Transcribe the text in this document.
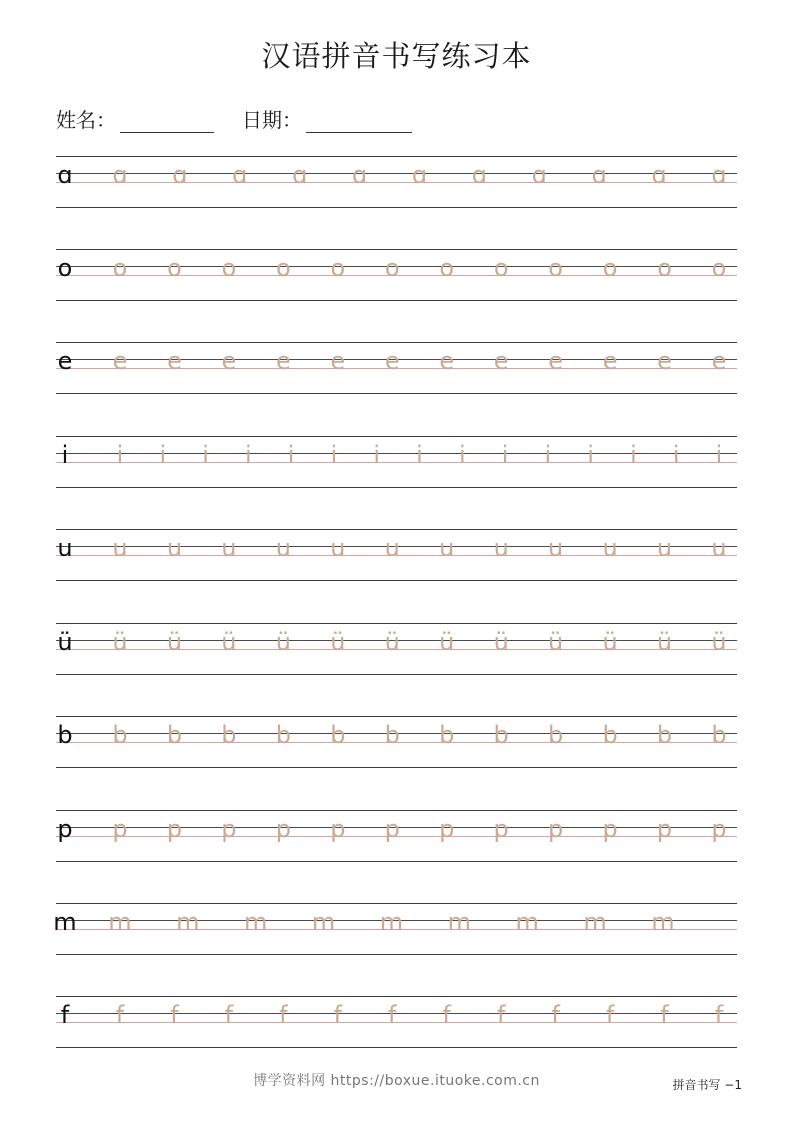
汉语拼音书写练习本
姓名：	日期：
ɑ ɑ ɑ ɑ ɑ ɑ ɑ ɑ ɑ ɑ ɑ ɑ
o o o o o o o o o o o o o
e e e e e e e e e e e e e
i i i i i i i i i i i i i i i i
u u u u u u u u u u u u u
ü ü ü ü ü ü ü ü ü ü ü ü ü
b b b b b b b b b b b b b
p p p p p p p p p p p p p
m m m m m m m m m m
f f f f f f f f f f f f f
博学资料网 https://boxue.ituoke.com.cn	拼音书写 −1
